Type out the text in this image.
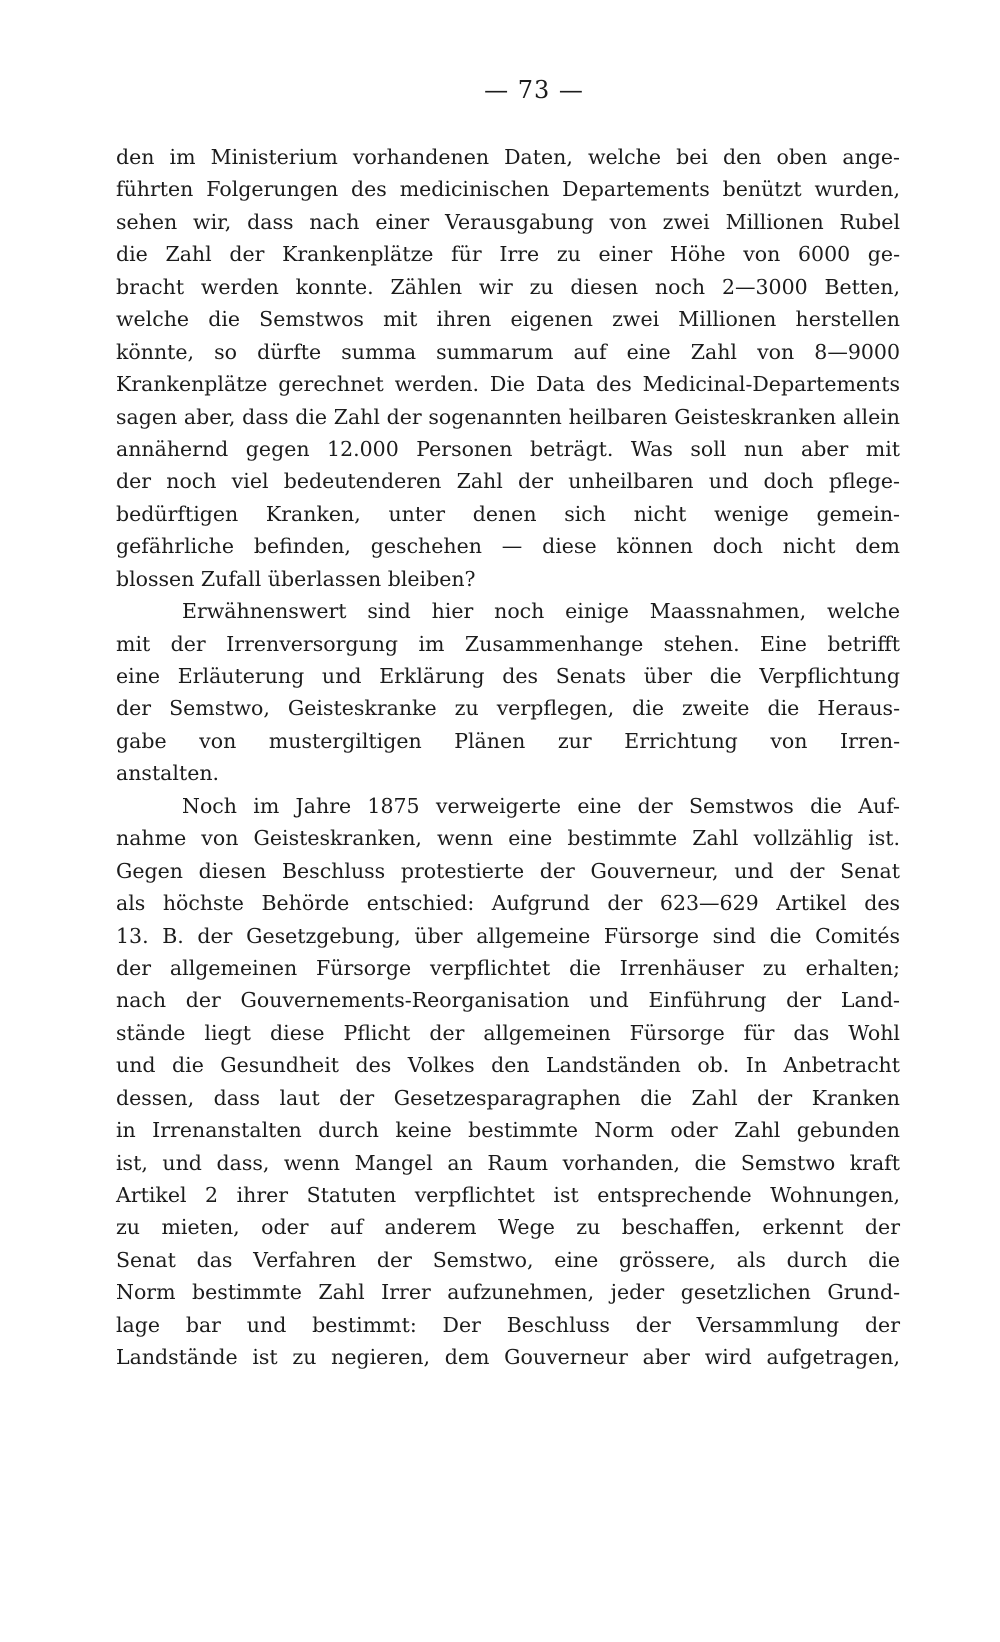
— 73 —
den im Ministerium vorhandenen Daten, welche bei den oben ange-
führten Folgerungen des medicinischen Departements benützt wurden,
sehen wir, dass nach einer Verausgabung von zwei Millionen Rubel
die Zahl der Krankenplätze für Irre zu einer Höhe von 6000 ge-
bracht werden konnte. Zählen wir zu diesen noch 2—3000 Betten,
welche die Semstwos mit ihren eigenen zwei Millionen herstellen
könnte, so dürfte summa summarum auf eine Zahl von 8—9000
Krankenplätze gerechnet werden. Die Data des Medicinal-Departements
sagen aber, dass die Zahl der sogenannten heilbaren Geisteskranken allein
annähernd gegen 12.000 Personen beträgt. Was soll nun aber mit
der noch viel bedeutenderen Zahl der unheilbaren und doch pflege-
bedürftigen Kranken, unter denen sich nicht wenige gemein-
gefährliche befinden, geschehen — diese können doch nicht dem
blossen Zufall überlassen bleiben?
Erwähnenswert sind hier noch einige Maassnahmen, welche
mit der Irrenversorgung im Zusammenhange stehen. Eine betrifft
eine Erläuterung und Erklärung des Senats über die Verpflichtung
der Semstwo, Geisteskranke zu verpflegen, die zweite die Heraus-
gabe von mustergiltigen Plänen zur Errichtung von Irren-
anstalten.
Noch im Jahre 1875 verweigerte eine der Semstwos die Auf-
nahme von Geisteskranken, wenn eine bestimmte Zahl vollzählig ist.
Gegen diesen Beschluss protestierte der Gouverneur, und der Senat
als höchste Behörde entschied: Aufgrund der 623—629 Artikel des
13. B. der Gesetzgebung, über allgemeine Fürsorge sind die Comités
der allgemeinen Fürsorge verpflichtet die Irrenhäuser zu erhalten;
nach der Gouvernements-Reorganisation und Einführung der Land-
stände liegt diese Pflicht der allgemeinen Fürsorge für das Wohl
und die Gesundheit des Volkes den Landständen ob. In Anbetracht
dessen, dass laut der Gesetzesparagraphen die Zahl der Kranken
in Irrenanstalten durch keine bestimmte Norm oder Zahl gebunden
ist, und dass, wenn Mangel an Raum vorhanden, die Semstwo kraft
Artikel 2 ihrer Statuten verpflichtet ist entsprechende Wohnungen,
zu mieten, oder auf anderem Wege zu beschaffen, erkennt der
Senat das Verfahren der Semstwo, eine grössere, als durch die
Norm bestimmte Zahl Irrer aufzunehmen, jeder gesetzlichen Grund-
lage bar und bestimmt: Der Beschluss der Versammlung der
Landstände ist zu negieren, dem Gouverneur aber wird aufgetragen,
